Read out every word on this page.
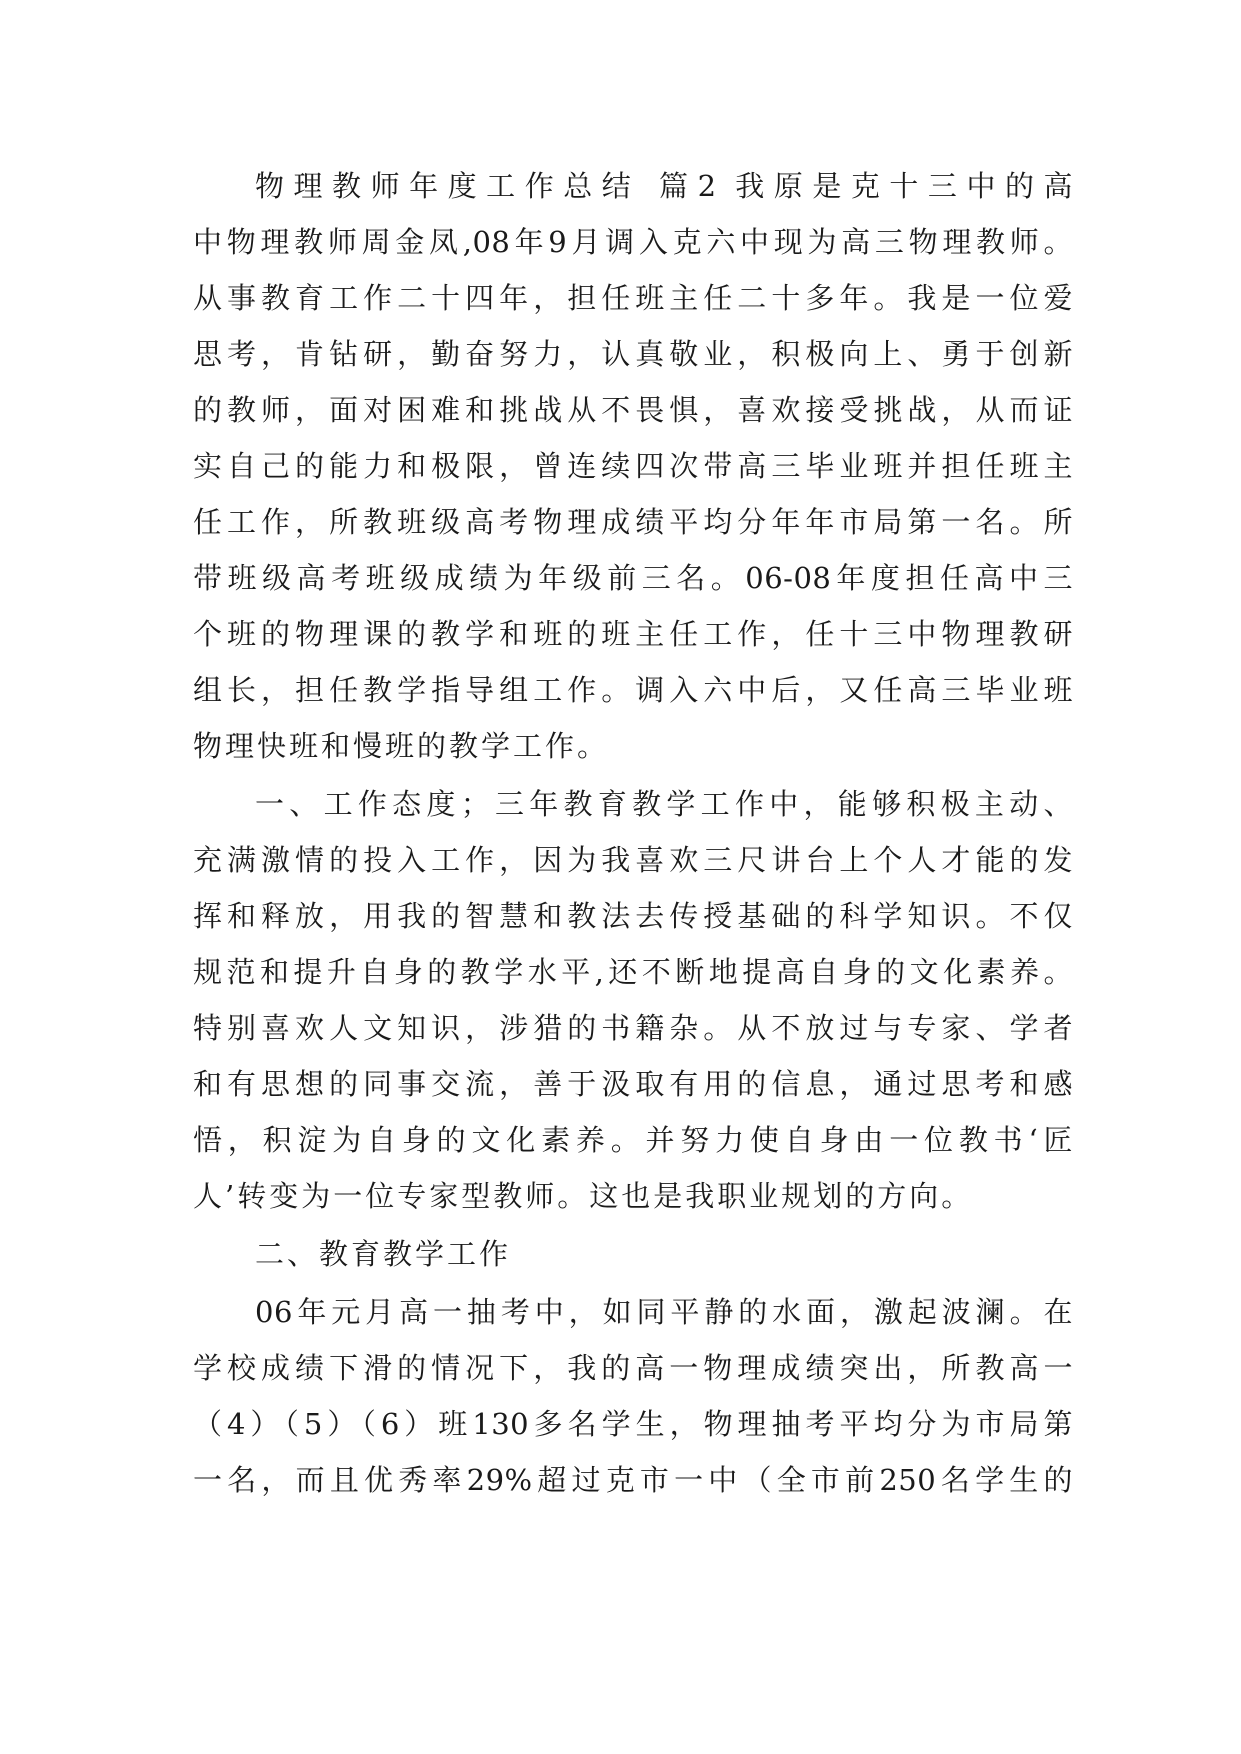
物理教师年度工作总结 篇2 我原是克十三中的高
中物理教师周金凤,08年9月调入克六中现为高三物理教师。
从事教育工作二十四年，担任班主任二十多年。我是一位爱
思考，肯钻研，勤奋努力，认真敬业，积极向上、勇于创新
的教师，面对困难和挑战从不畏惧，喜欢接受挑战，从而证
实自己的能力和极限，曾连续四次带高三毕业班并担任班主
任工作，所教班级高考物理成绩平均分年年市局第一名。所
带班级高考班级成绩为年级前三名。06-08年度担任高中三
个班的物理课的教学和班的班主任工作，任十三中物理教研
组长，担任教学指导组工作。调入六中后，又任高三毕业班
物理快班和慢班的教学工作。
一、工作态度；三年教育教学工作中，能够积极主动、
充满激情的投入工作，因为我喜欢三尺讲台上个人才能的发
挥和释放，用我的智慧和教法去传授基础的科学知识。不仅
规范和提升自身的教学水平,还不断地提高自身的文化素养。
特别喜欢人文知识，涉猎的书籍杂。从不放过与专家、学者
和有思想的同事交流，善于汲取有用的信息，通过思考和感
悟，积淀为自身的文化素养。并努力使自身由一位教书‘匠
人’转变为一位专家型教师。这也是我职业规划的方向。
二、教育教学工作
06年元月高一抽考中，如同平静的水面，激起波澜。在
学校成绩下滑的情况下，我的高一物理成绩突出，所教高一
（4）（5）（6）班130多名学生，物理抽考平均分为市局第
一名，而且优秀率29%超过克市一中（全市前250名学生的
